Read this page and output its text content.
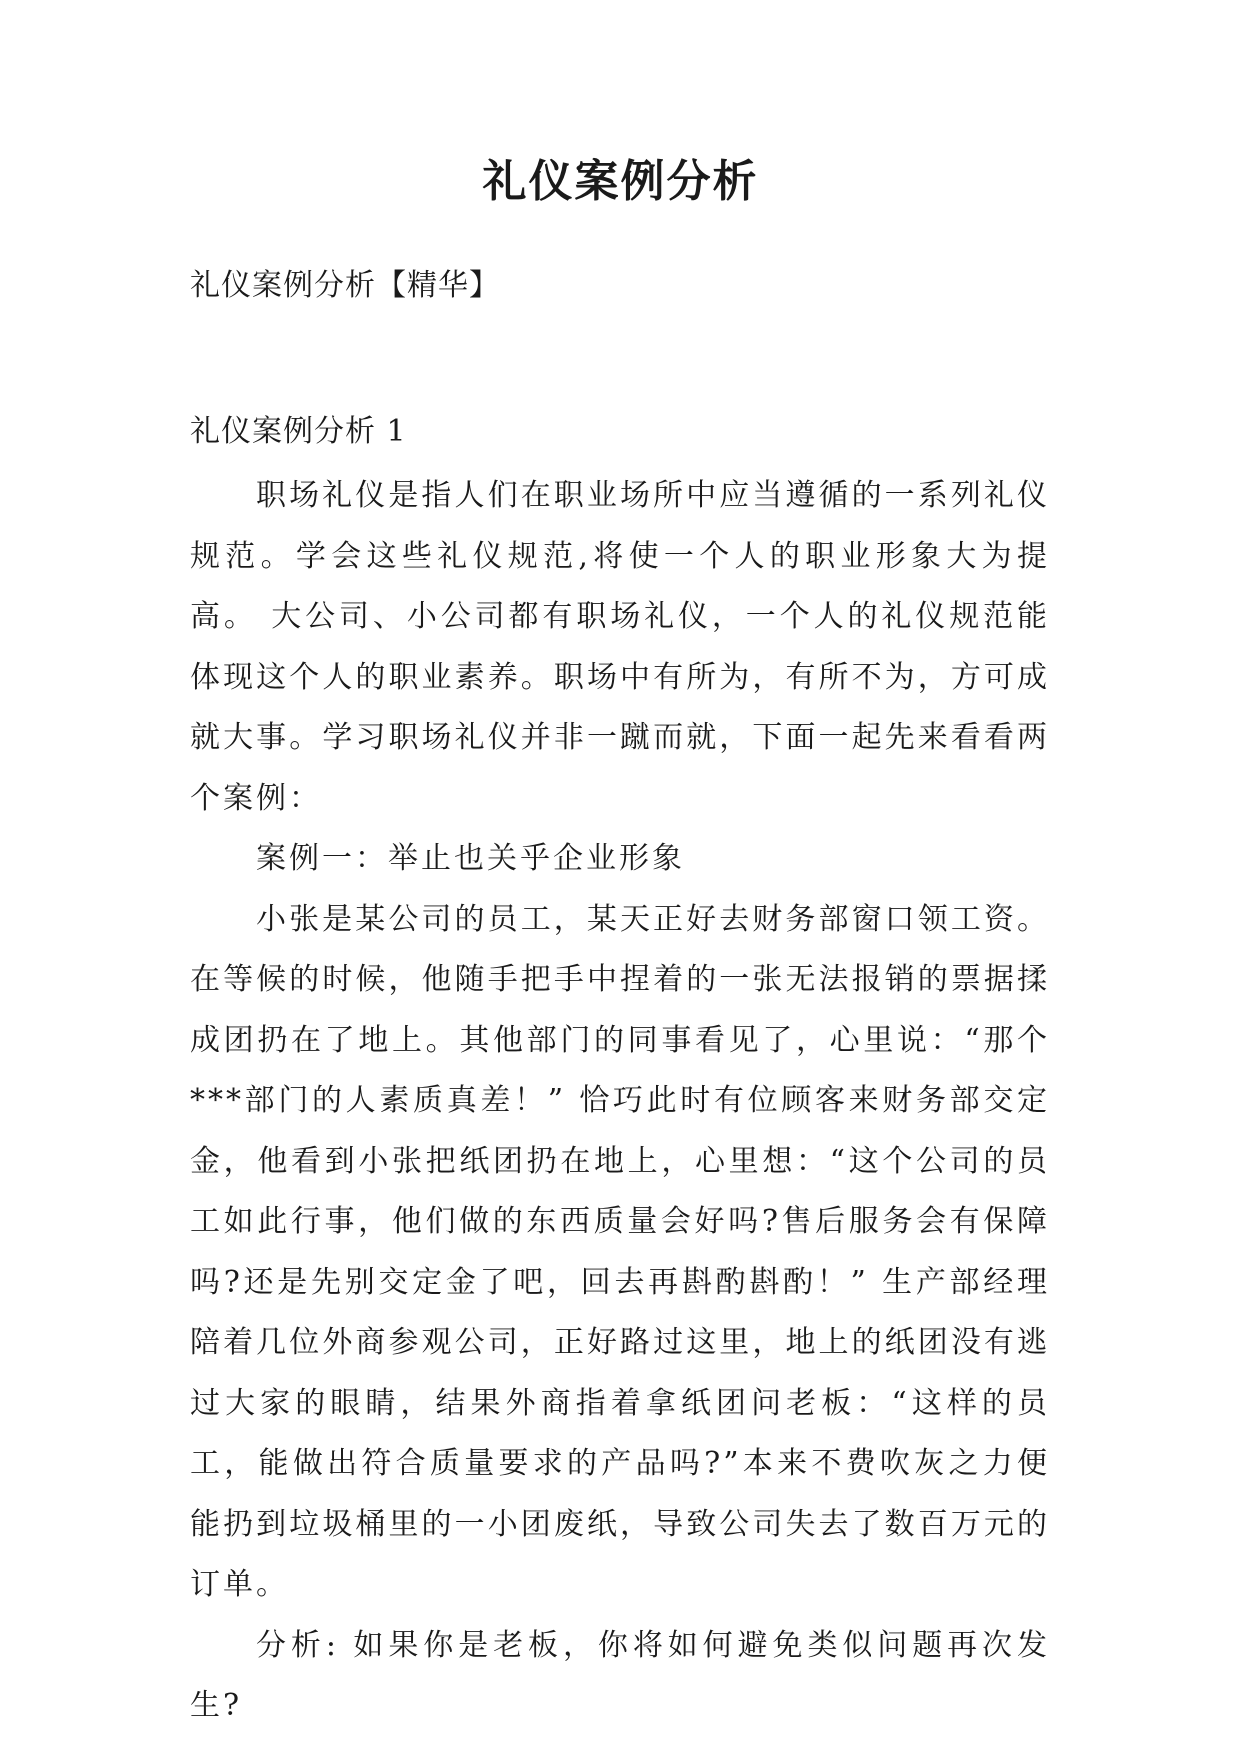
礼仪案例分析

礼仪案例分析【精华】

礼仪案例分析 1

职场礼仪是指人们在职业场所中应当遵循的一系列礼仪规范。学会这些礼仪规范,将使一个人的职业形象大为提高。 大公司、小公司都有职场礼仪，一个人的礼仪规范能体现这个人的职业素养。职场中有所为，有所不为，方可成就大事。学习职场礼仪并非一蹴而就，下面一起先来看看两个案例：

案例一：举止也关乎企业形象

小张是某公司的员工，某天正好去财务部窗口领工资。在等候的时候，他随手把手中捏着的一张无法报销的票据揉成团扔在了地上。其他部门的同事看见了，心里说：“那个***部门的人素质真差！” 恰巧此时有位顾客来财务部交定金，他看到小张把纸团扔在地上，心里想：“这个公司的员工如此行事，他们做的东西质量会好吗?售后服务会有保障吗?还是先别交定金了吧，回去再斟酌斟酌！” 生产部经理陪着几位外商参观公司，正好路过这里，地上的纸团没有逃过大家的眼睛，结果外商指着拿纸团问老板：“这样的员工，能做出符合质量要求的产品吗?”本来不费吹灰之力便能扔到垃圾桶里的一小团废纸，导致公司失去了数百万元的订单。

分析: 如果你是老板，你将如何避免类似问题再次发生?
